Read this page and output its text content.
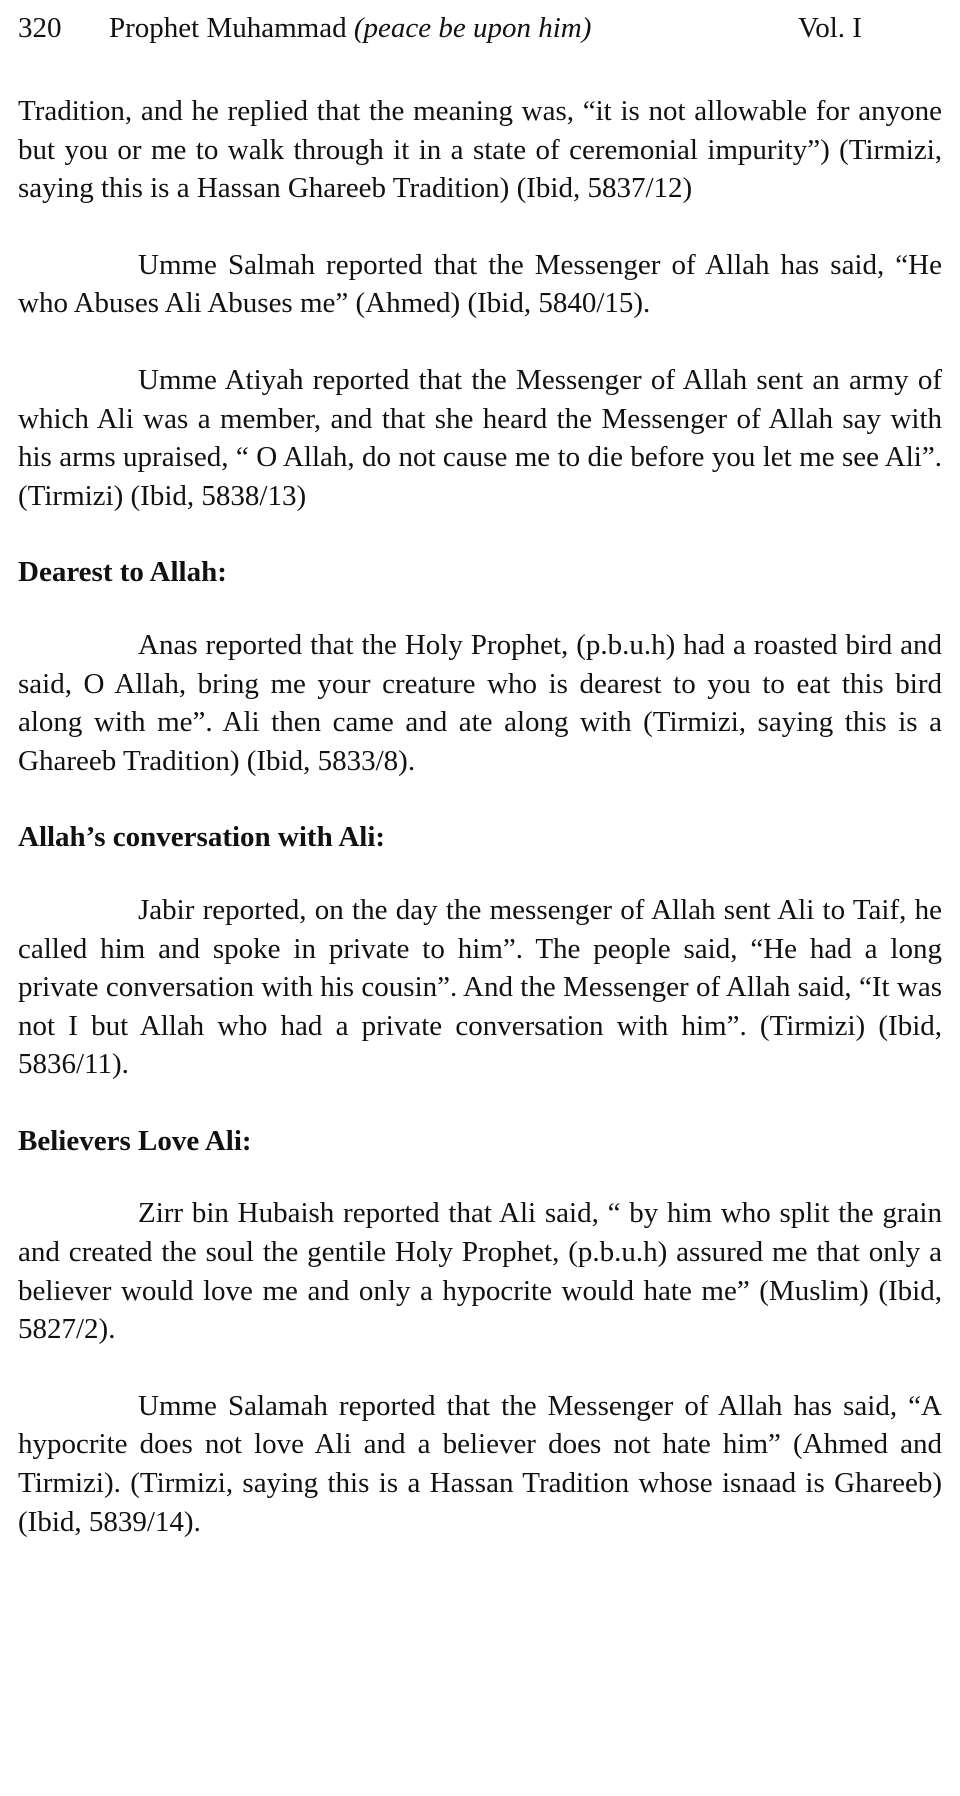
320 Prophet Muhammad (peace be upon him)	Vol. I

Tradition, and he replied that the meaning was, “it is not allowable for anyone but you or me to walk through it in a state of ceremonial impurity”) (Tirmizi, saying this is a Hassan Ghareeb Tradition) (Ibid, 5837/12)

Umme Salmah reported that the Messenger of Allah has said, “He who Abuses Ali Abuses me” (Ahmed) (Ibid, 5840/15).

Umme Atiyah reported that the Messenger of Allah sent an army of which Ali was a member, and that she heard the Messenger of Allah say with his arms upraised, “ O Allah, do not cause me to die before you let me see Ali”. (Tirmizi) (Ibid, 5838/13)

Dearest to Allah:

Anas reported that the Holy Prophet, (p.b.u.h) had a roasted bird and said, O Allah, bring me your creature who is dearest to you to eat this bird along with me”. Ali then came and ate along with (Tirmizi, saying this is a Ghareeb Tradition) (Ibid, 5833/8).

Allah’s conversation with Ali:

Jabir reported, on the day the messenger of Allah sent Ali to Taif, he called him and spoke in private to him”. The people said, “He had a long private conversation with his cousin”. And the Messenger of Allah said, “It was not I but Allah who had a private conversation with him”. (Tirmizi) (Ibid, 5836/11).

Believers Love Ali:

Zirr bin Hubaish reported that Ali said, “ by him who split the grain and created the soul the gentile Holy Prophet, (p.b.u.h) assured me that only a believer would love me and only a hypocrite would hate me” (Muslim) (Ibid, 5827/2).

Umme Salamah reported that the Messenger of Allah has said, “A hypocrite does not love Ali and a believer does not hate him” (Ahmed and Tirmizi). (Tirmizi, saying this is a Hassan Tradition whose isnaad is Ghareeb) (Ibid, 5839/14).
